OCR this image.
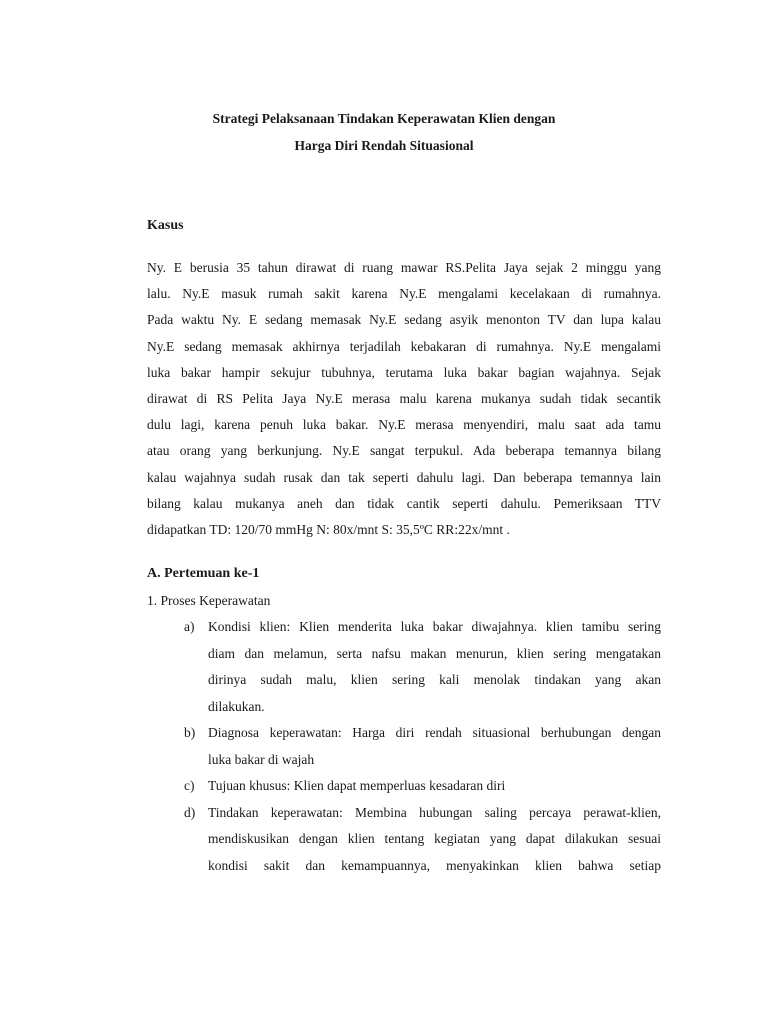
Strategi Pelaksanaan Tindakan Keperawatan Klien dengan
Harga Diri Rendah Situasional
Kasus
Ny. E berusia 35 tahun dirawat di ruang mawar RS.Pelita Jaya sejak 2 minggu yang
lalu. Ny.E masuk rumah sakit karena Ny.E mengalami kecelakaan di rumahnya.
Pada waktu Ny. E sedang memasak Ny.E sedang asyik menonton TV dan lupa kalau
Ny.E sedang memasak akhirnya terjadilah kebakaran di rumahnya. Ny.E mengalami
luka bakar hampir sekujur tubuhnya, terutama luka bakar bagian wajahnya. Sejak
dirawat di RS Pelita Jaya Ny.E merasa malu karena mukanya sudah tidak secantik
dulu lagi, karena penuh luka bakar. Ny.E merasa menyendiri, malu saat ada tamu
atau orang yang berkunjung. Ny.E sangat terpukul. Ada beberapa temannya bilang
kalau wajahnya sudah rusak dan tak seperti dahulu lagi. Dan beberapa temannya lain
bilang kalau mukanya aneh dan tidak cantik seperti dahulu. Pemeriksaan TTV
didapatkan TD: 120/70 mmHg N: 80x/mnt S: 35,5ºC RR:22x/mnt .
A. Pertemuan ke-1
1. Proses Keperawatan
a) Kondisi klien: Klien menderita luka bakar diwajahnya. klien tamibu sering
diam dan melamun, serta nafsu makan menurun, klien sering mengatakan
dirinya sudah malu, klien sering kali menolak tindakan yang akan
dilakukan.
b) Diagnosa keperawatan: Harga diri rendah situasional berhubungan dengan
luka bakar di wajah
c) Tujuan khusus: Klien dapat memperluas kesadaran diri
d) Tindakan keperawatan: Membina hubungan saling percaya perawat-klien,
mendiskusikan dengan klien tentang kegiatan yang dapat dilakukan sesuai
kondisi sakit dan kemampuannya, menyakinkan klien bahwa setiap
